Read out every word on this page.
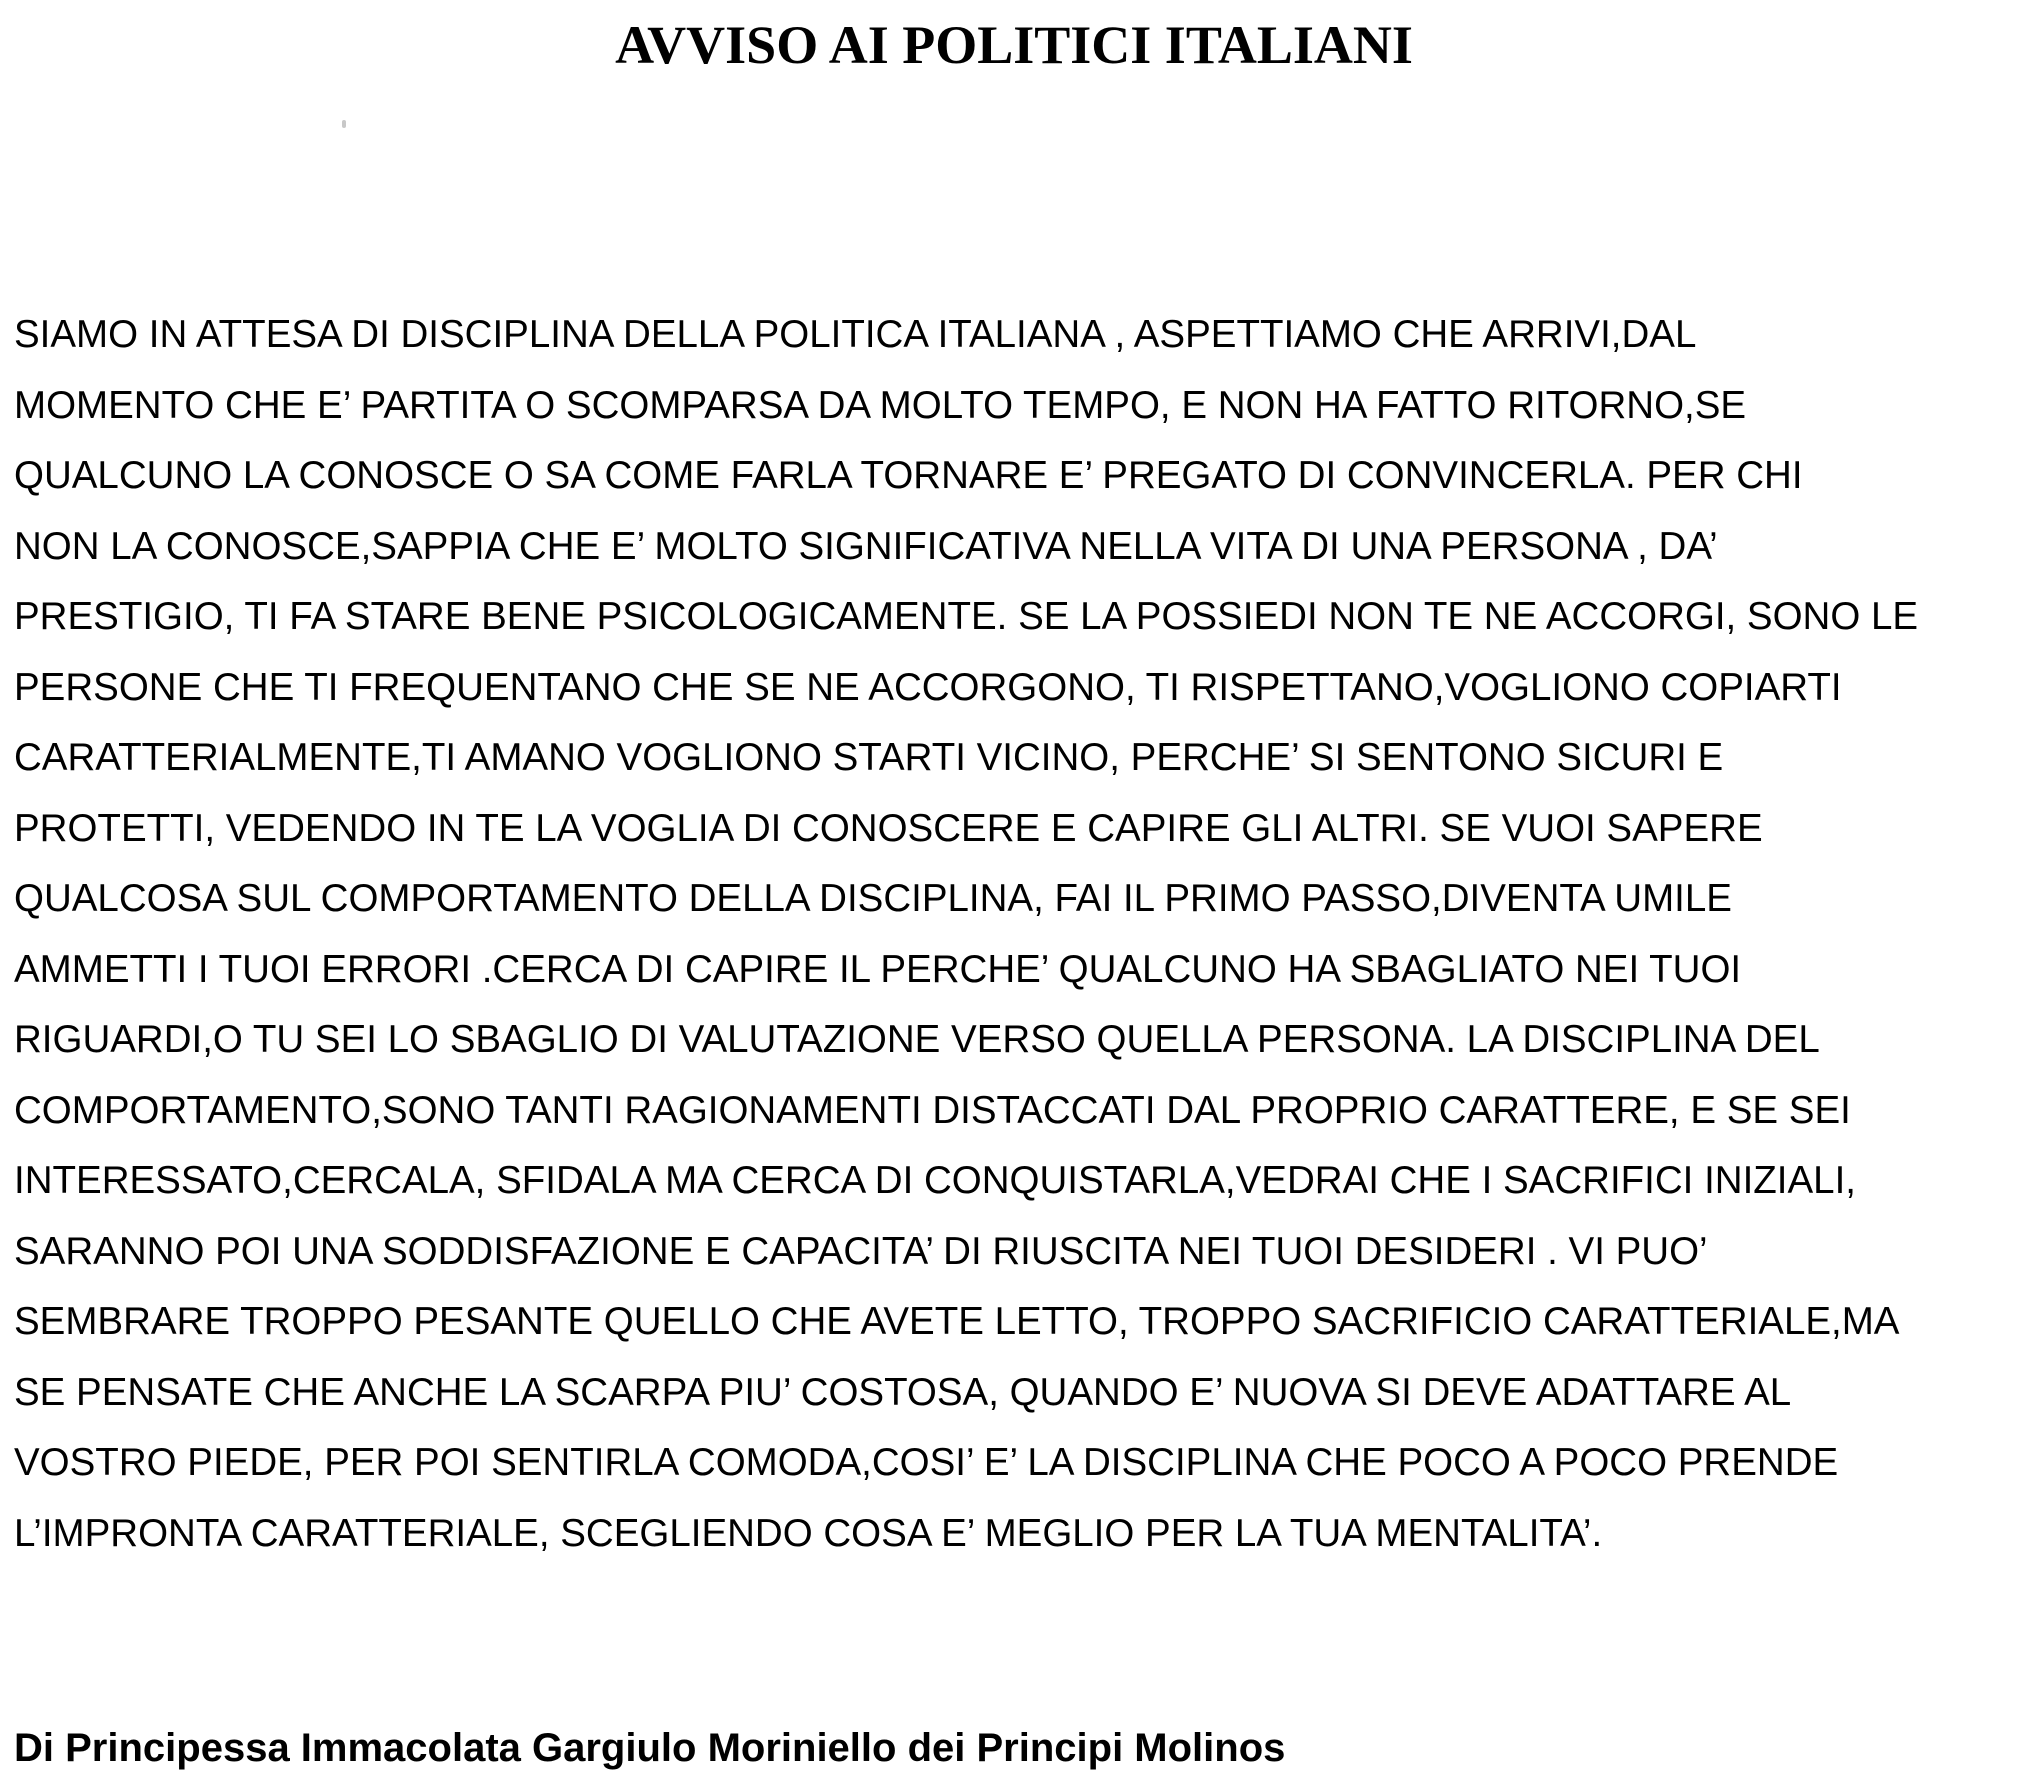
AVVISO AI POLITICI ITALIANI
SIAMO IN ATTESA DI DISCIPLINA DELLA POLITICA ITALIANA , ASPETTIAMO CHE ARRIVI,DAL
MOMENTO CHE E’ PARTITA O SCOMPARSA DA MOLTO TEMPO, E NON HA FATTO RITORNO,SE
QUALCUNO LA CONOSCE O SA COME FARLA TORNARE E’ PREGATO DI CONVINCERLA. PER CHI
NON LA CONOSCE,SAPPIA CHE E’ MOLTO SIGNIFICATIVA NELLA VITA DI UNA PERSONA , DA’
PRESTIGIO, TI FA STARE BENE PSICOLOGICAMENTE. SE LA POSSIEDI NON TE NE ACCORGI, SONO LE
PERSONE CHE TI FREQUENTANO CHE SE NE ACCORGONO, TI RISPETTANO,VOGLIONO COPIARTI
CARATTERIALMENTE,TI AMANO VOGLIONO STARTI VICINO, PERCHE’ SI SENTONO SICURI E
PROTETTI, VEDENDO IN TE LA VOGLIA DI CONOSCERE E CAPIRE GLI ALTRI. SE VUOI SAPERE
QUALCOSA SUL COMPORTAMENTO DELLA DISCIPLINA, FAI IL PRIMO PASSO,DIVENTA UMILE
AMMETTI I TUOI ERRORI .CERCA DI CAPIRE IL PERCHE’ QUALCUNO HA SBAGLIATO NEI TUOI
RIGUARDI,O TU SEI LO SBAGLIO DI VALUTAZIONE VERSO QUELLA PERSONA. LA DISCIPLINA DEL
COMPORTAMENTO,SONO TANTI RAGIONAMENTI DISTACCATI DAL PROPRIO CARATTERE, E SE SEI
INTERESSATO,CERCALA, SFIDALA MA CERCA DI CONQUISTARLA,VEDRAI CHE I SACRIFICI INIZIALI,
SARANNO POI UNA SODDISFAZIONE E CAPACITA’ DI RIUSCITA NEI TUOI DESIDERI . VI PUO’
SEMBRARE TROPPO PESANTE QUELLO CHE AVETE LETTO, TROPPO SACRIFICIO CARATTERIALE,MA
SE PENSATE CHE ANCHE LA SCARPA PIU’ COSTOSA, QUANDO E’ NUOVA SI DEVE ADATTARE AL
VOSTRO PIEDE, PER POI SENTIRLA COMODA,COSI’ E’ LA DISCIPLINA CHE POCO A POCO PRENDE
L’IMPRONTA CARATTERIALE, SCEGLIENDO COSA E’ MEGLIO PER LA TUA MENTALITA’.
Di Principessa Immacolata Gargiulo Moriniello dei Principi Molinos
